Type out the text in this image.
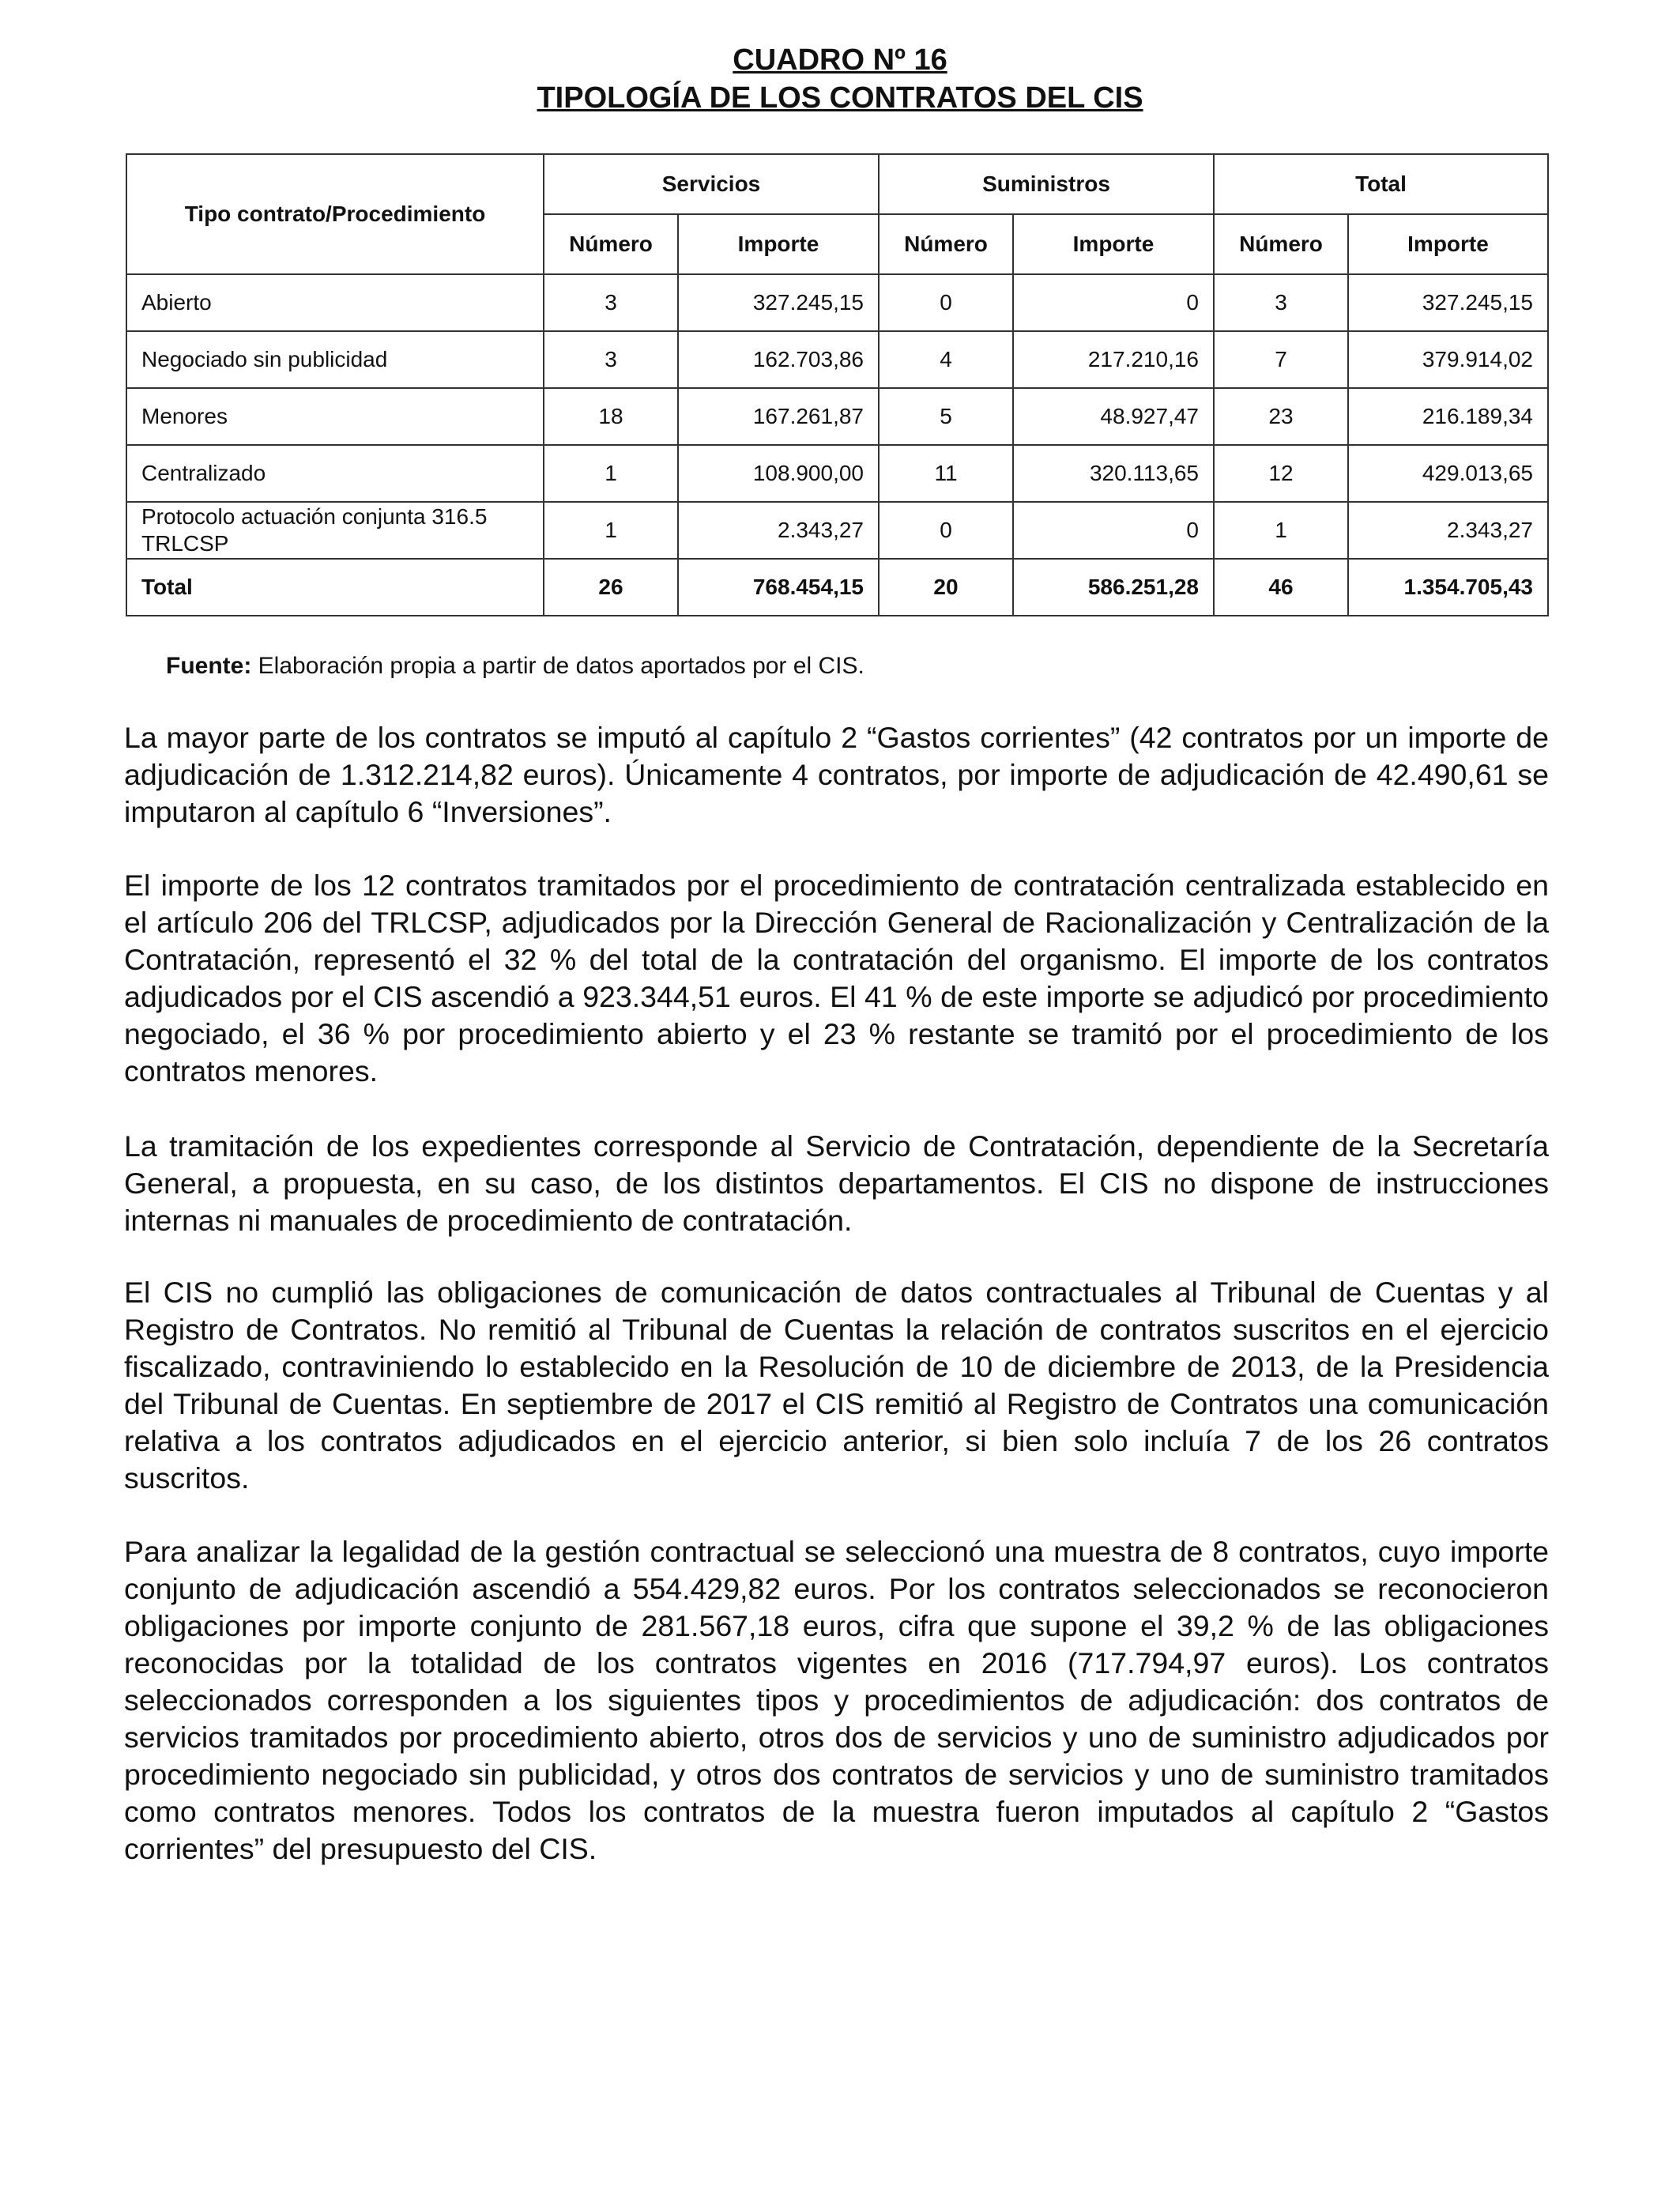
CUADRO Nº 16
TIPOLOGÍA DE LOS CONTRATOS DEL CIS
Tipo contrato/Procedimiento	Servicios		Suministros		Total	
	Número	Importe	Número	Importe	Número	Importe
Abierto	3	327.245,15	0	0	3	327.245,15
Negociado sin publicidad	3	162.703,86	4	217.210,16	7	379.914,02
Menores	18	167.261,87	5	48.927,47	23	216.189,34
Centralizado	1	108.900,00	11	320.113,65	12	429.013,65
Protocolo actuación conjunta 316.5 TRLCSP	1	2.343,27	0	0	1	2.343,27
Total	26	768.454,15	20	586.251,28	46	1.354.705,43
Fuente: Elaboración propia a partir de datos aportados por el CIS.

La mayor parte de los contratos se imputó al capítulo 2 “Gastos corrientes” (42 contratos por un importe de adjudicación de 1.312.214,82 euros). Únicamente 4 contratos, por importe de adjudicación de 42.490,61 se imputaron al capítulo 6 “Inversiones”.

El importe de los 12 contratos tramitados por el procedimiento de contratación centralizada establecido en el artículo 206 del TRLCSP, adjudicados por la Dirección General de Racionalización y Centralización de la Contratación, representó el 32 % del total de la contratación del organismo. El importe de los contratos adjudicados por el CIS ascendió a 923.344,51 euros. El 41 % de este importe se adjudicó por procedimiento negociado, el 36 % por procedimiento abierto y el 23 % restante se tramitó por el procedimiento de los contratos menores.

La tramitación de los expedientes corresponde al Servicio de Contratación, dependiente de la Secretaría General, a propuesta, en su caso, de los distintos departamentos. El CIS no dispone de instrucciones internas ni manuales de procedimiento de contratación.

El CIS no cumplió las obligaciones de comunicación de datos contractuales al Tribunal de Cuentas y al Registro de Contratos. No remitió al Tribunal de Cuentas la relación de contratos suscritos en el ejercicio fiscalizado, contraviniendo lo establecido en la Resolución de 10 de diciembre de 2013, de la Presidencia del Tribunal de Cuentas. En septiembre de 2017 el CIS remitió al Registro de Contratos una comunicación relativa a los contratos adjudicados en el ejercicio anterior, si bien solo incluía 7 de los 26 contratos suscritos.

Para analizar la legalidad de la gestión contractual se seleccionó una muestra de 8 contratos, cuyo importe conjunto de adjudicación ascendió a 554.429,82 euros. Por los contratos seleccionados se reconocieron obligaciones por importe conjunto de 281.567,18 euros, cifra que supone el 39,2 % de las obligaciones reconocidas por la totalidad de los contratos vigentes en 2016 (717.794,97 euros). Los contratos seleccionados corresponden a los siguientes tipos y procedimientos de adjudicación: dos contratos de servicios tramitados por procedimiento abierto, otros dos de servicios y uno de suministro adjudicados por procedimiento negociado sin publicidad, y otros dos contratos de servicios y uno de suministro tramitados como contratos menores. Todos los contratos de la muestra fueron imputados al capítulo 2 “Gastos corrientes” del presupuesto del CIS.
